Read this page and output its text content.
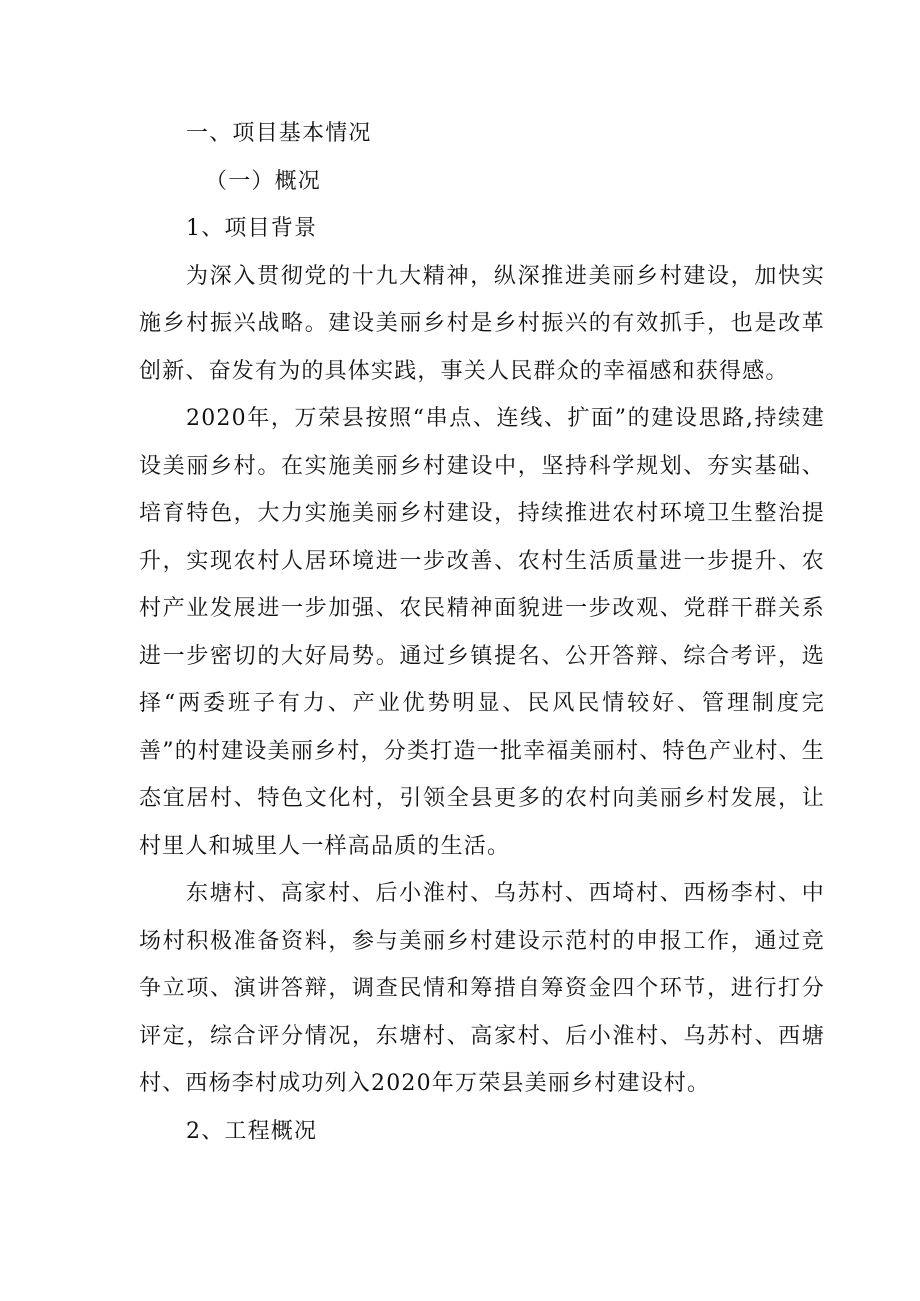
一、项目基本情况
（一）概况
1、项目背景

为深入贯彻党的十九大精神，纵深推进美丽乡村建设，加快实施乡村振兴战略。建设美丽乡村是乡村振兴的有效抓手，也是改革创新、奋发有为的具体实践，事关人民群众的幸福感和获得感。

2020年，万荣县按照“串点、连线、扩面”的建设思路,持续建设美丽乡村。在实施美丽乡村建设中，坚持科学规划、夯实基础、培育特色，大力实施美丽乡村建设，持续推进农村环境卫生整治提升，实现农村人居环境进一步改善、农村生活质量进一步提升、农村产业发展进一步加强、农民精神面貌进一步改观、党群干群关系进一步密切的大好局势。通过乡镇提名、公开答辩、综合考评，选择“两委班子有力、产业优势明显、民风民情较好、管理制度完善”的村建设美丽乡村，分类打造一批幸福美丽村、特色产业村、生态宜居村、特色文化村，引领全县更多的农村向美丽乡村发展，让村里人和城里人一样高品质的生活。

东塘村、高家村、后小淮村、乌苏村、西埼村、西杨李村、中场村积极准备资料，参与美丽乡村建设示范村的申报工作，通过竞争立项、演讲答辩，调查民情和筹措自筹资金四个环节，进行打分评定，综合评分情况，东塘村、高家村、后小淮村、乌苏村、西塘村、西杨李村成功列入2020年万荣县美丽乡村建设村。

2、工程概况
